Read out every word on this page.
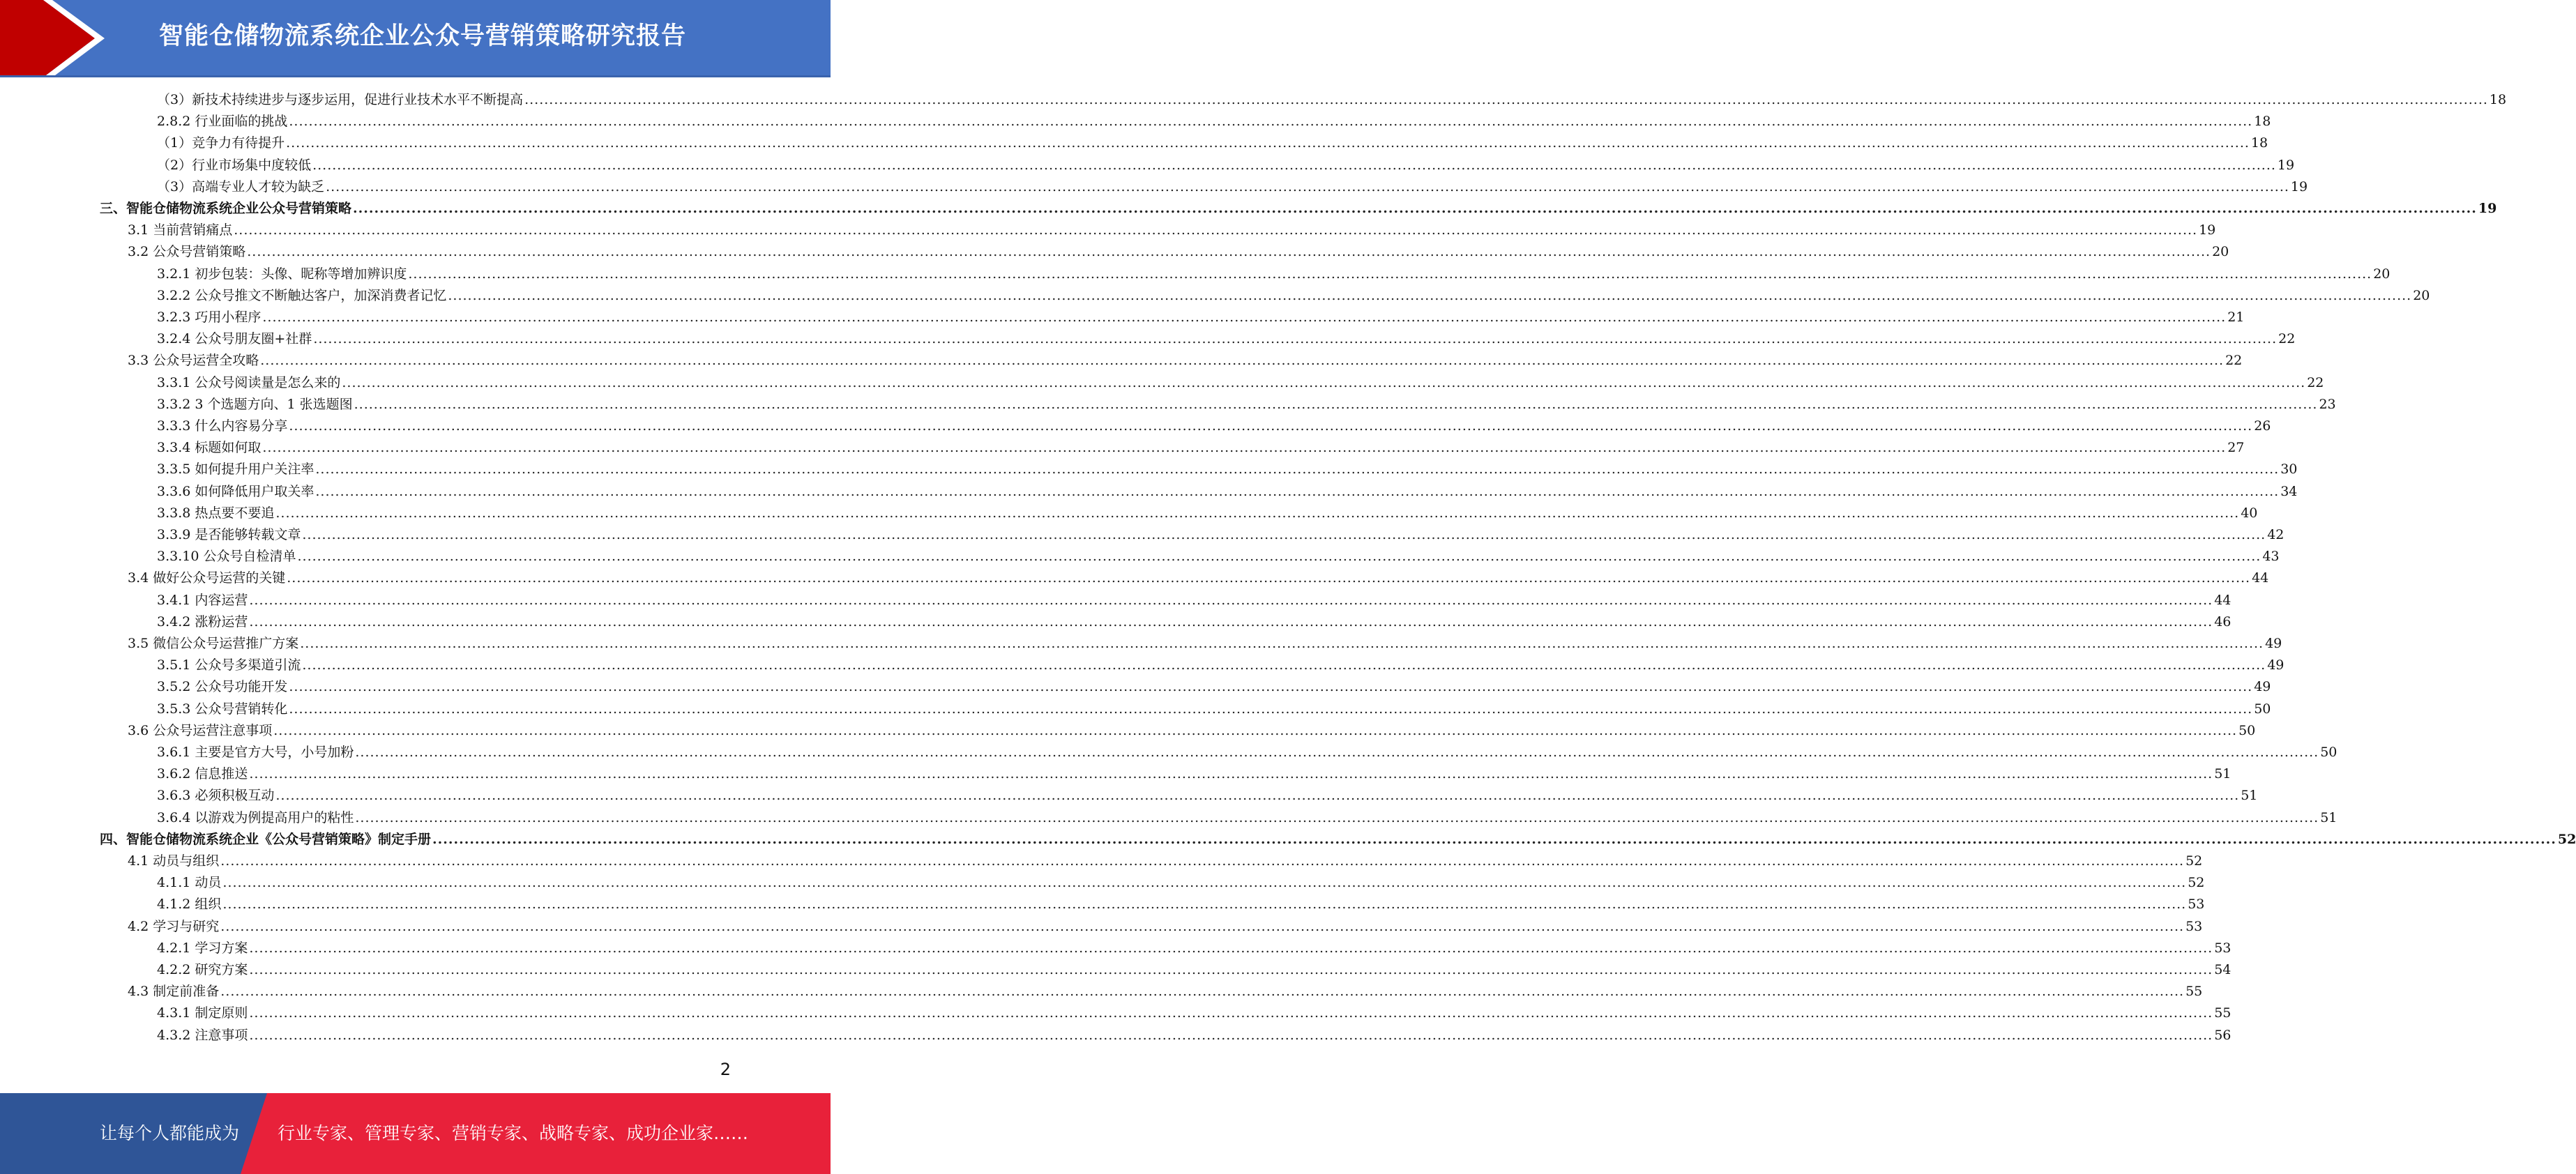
智能仓储物流系统企业公众号营销策略研究报告
（3）新技术持续进步与逐步运用，促进行业技术水平不断提高 ................................................................................................................................................................................................................................................................................................................................................................................................................ 18
2.8.2 行业面临的挑战 ................................................................................................................................................................................................................................................................................................................................................................................................................ 18
（1）竞争力有待提升 ................................................................................................................................................................................................................................................................................................................................................................................................................ 18
（2）行业市场集中度较低 ................................................................................................................................................................................................................................................................................................................................................................................................................ 19
（3）高端专业人才较为缺乏 ................................................................................................................................................................................................................................................................................................................................................................................................................ 19
三、智能仓储物流系统企业公众号营销策略 ................................................................................................................................................................................................................................................................................................................................................................................................................ 19
3.1 当前营销痛点 ................................................................................................................................................................................................................................................................................................................................................................................................................ 19
3.2 公众号营销策略 ................................................................................................................................................................................................................................................................................................................................................................................................................ 20
3.2.1 初步包装：头像、昵称等增加辨识度 ................................................................................................................................................................................................................................................................................................................................................................................................................ 20
3.2.2 公众号推文不断触达客户，加深消费者记忆 ................................................................................................................................................................................................................................................................................................................................................................................................................ 20
3.2.3 巧用小程序 ................................................................................................................................................................................................................................................................................................................................................................................................................ 21
3.2.4 公众号朋友圈+社群 ................................................................................................................................................................................................................................................................................................................................................................................................................ 22
3.3 公众号运营全攻略 ................................................................................................................................................................................................................................................................................................................................................................................................................ 22
3.3.1 公众号阅读量是怎么来的 ................................................................................................................................................................................................................................................................................................................................................................................................................ 22
3.3.2 3 个选题方向、1 张选题图 ................................................................................................................................................................................................................................................................................................................................................................................................................ 23
3.3.3 什么内容易分享 ................................................................................................................................................................................................................................................................................................................................................................................................................ 26
3.3.4 标题如何取 ................................................................................................................................................................................................................................................................................................................................................................................................................ 27
3.3.5 如何提升用户关注率 ................................................................................................................................................................................................................................................................................................................................................................................................................ 30
3.3.6 如何降低用户取关率 ................................................................................................................................................................................................................................................................................................................................................................................................................ 34
3.3.8 热点要不要追 ................................................................................................................................................................................................................................................................................................................................................................................................................ 40
3.3.9 是否能够转载文章 ................................................................................................................................................................................................................................................................................................................................................................................................................ 42
3.3.10 公众号自检清单 ................................................................................................................................................................................................................................................................................................................................................................................................................ 43
3.4 做好公众号运营的关键 ................................................................................................................................................................................................................................................................................................................................................................................................................ 44
3.4.1 内容运营 ................................................................................................................................................................................................................................................................................................................................................................................................................ 44
3.4.2 涨粉运营 ................................................................................................................................................................................................................................................................................................................................................................................................................ 46
3.5 微信公众号运营推广方案 ................................................................................................................................................................................................................................................................................................................................................................................................................ 49
3.5.1 公众号多渠道引流 ................................................................................................................................................................................................................................................................................................................................................................................................................ 49
3.5.2 公众号功能开发 ................................................................................................................................................................................................................................................................................................................................................................................................................ 49
3.5.3 公众号营销转化 ................................................................................................................................................................................................................................................................................................................................................................................................................ 50
3.6 公众号运营注意事项 ................................................................................................................................................................................................................................................................................................................................................................................................................ 50
3.6.1 主要是官方大号，小号加粉 ................................................................................................................................................................................................................................................................................................................................................................................................................ 50
3.6.2 信息推送 ................................................................................................................................................................................................................................................................................................................................................................................................................ 51
3.6.3 必须积极互动 ................................................................................................................................................................................................................................................................................................................................................................................................................ 51
3.6.4 以游戏为例提高用户的粘性 ................................................................................................................................................................................................................................................................................................................................................................................................................ 51
四、智能仓储物流系统企业《公众号营销策略》制定手册 ................................................................................................................................................................................................................................................................................................................................................................................................................ 52
4.1 动员与组织 ................................................................................................................................................................................................................................................................................................................................................................................................................ 52
4.1.1 动员 ................................................................................................................................................................................................................................................................................................................................................................................................................ 52
4.1.2 组织 ................................................................................................................................................................................................................................................................................................................................................................................................................ 53
4.2 学习与研究 ................................................................................................................................................................................................................................................................................................................................................................................................................ 53
4.2.1 学习方案 ................................................................................................................................................................................................................................................................................................................................................................................................................ 53
4.2.2 研究方案 ................................................................................................................................................................................................................................................................................................................................................................................................................ 54
4.3 制定前准备 ................................................................................................................................................................................................................................................................................................................................................................................................................ 55
4.3.1 制定原则 ................................................................................................................................................................................................................................................................................................................................................................................................................ 55
4.3.2 注意事项 ................................................................................................................................................................................................................................................................................................................................................................................................................ 56
2
让每个人都能成为 行业专家、管理专家、营销专家、战略专家、成功企业家……
